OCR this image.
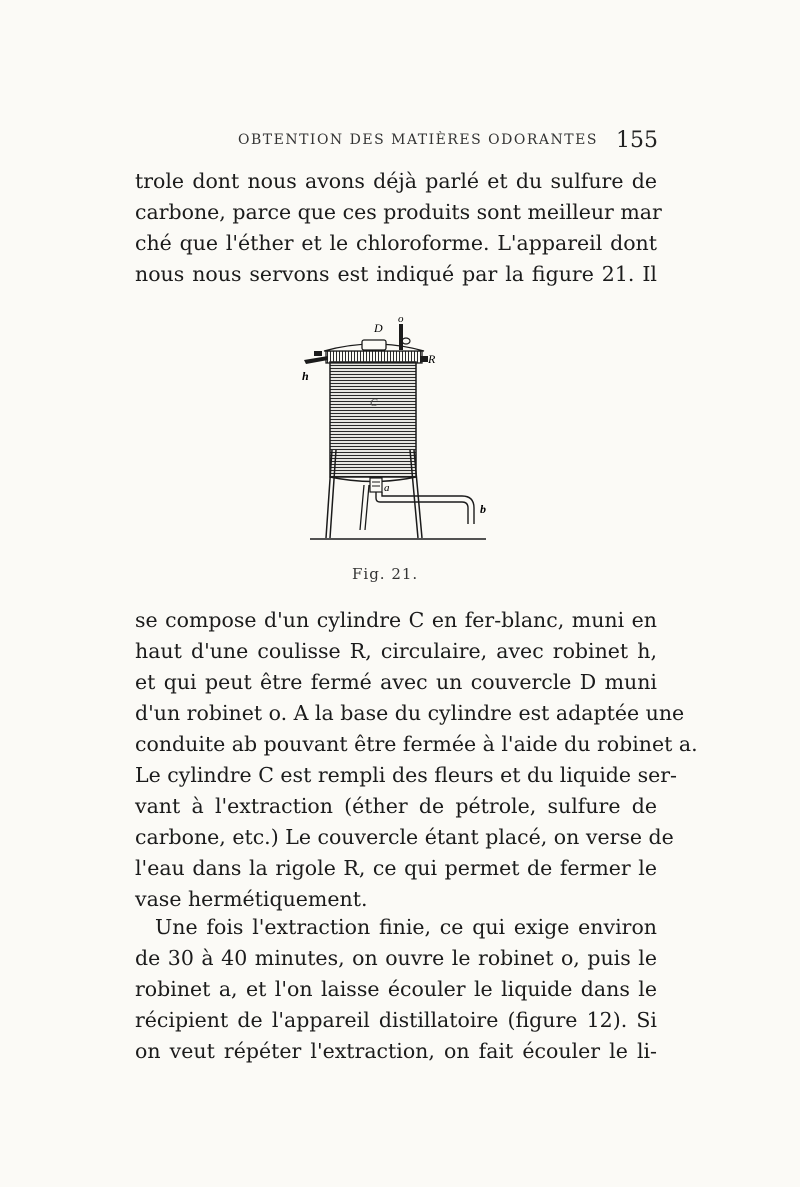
OBTENTION DES MATIÈRES ODORANTES 155
trole dont nous avons déjà parlé et du sulfure de
carbone, parce que ces produits sont meilleur mar
ché que l'éther et le chloroforme. L'appareil dont
nous nous servons est indiqué par la figure 21. Il
D
o
R
h
C
a
b
Fig. 21.
se compose d'un cylindre C en fer-blanc, muni en
haut d'une coulisse R, circulaire, avec robinet h,
et qui peut être fermé avec un couvercle D muni
d'un robinet o. A la base du cylindre est adaptée une
conduite ab pouvant être fermée à l'aide du robinet a.
Le cylindre C est rempli des fleurs et du liquide ser-
vant à l'extraction (éther de pétrole, sulfure de
carbone, etc.) Le couvercle étant placé, on verse de
l'eau dans la rigole R, ce qui permet de fermer le
vase hermétiquement.
Une fois l'extraction finie, ce qui exige environ
de 30 à 40 minutes, on ouvre le robinet o, puis le
robinet a, et l'on laisse écouler le liquide dans le
récipient de l'appareil distillatoire (figure 12). Si
on veut répéter l'extraction, on fait écouler le li-
